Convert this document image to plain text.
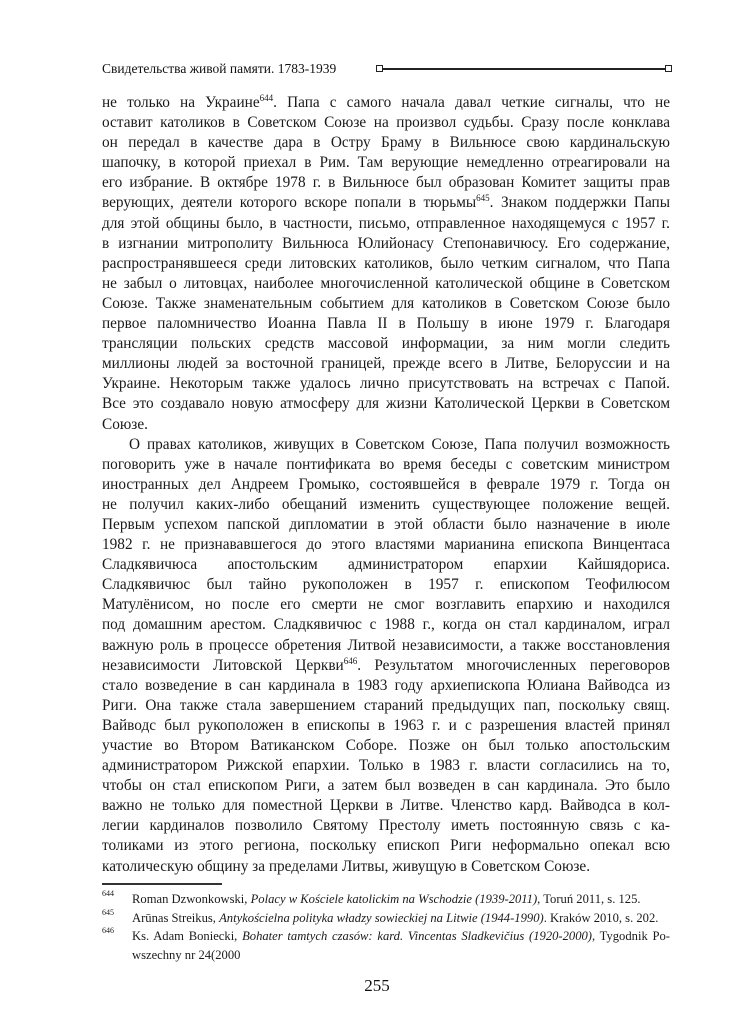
Свидетельства живой памяти. 1783-1939
не только на Украине$^{644}$. Папа с самого начала давал четкие сигналы, что не
оставит католиков в Советском Союзе на произвол судьбы. Сразу после конклава
он передал в качестве дара в Остру Браму в Вильнюсе свою кардинальскую
шапочку, в которой приехал в Рим. Там верующие немедленно отреагировали на
его избрание. В октябре 1978 г. в Вильнюсе был образован Комитет защиты прав
верующих, деятели которого вскоре попали в тюрьмы$^{645}$. Знаком поддержки Папы
для этой общины было, в частности, письмо, отправленное находящемуся с 1957 г.
в изгнании митрополиту Вильнюса Юлийонасу Степонавичюсу. Его содержание,
распространявшееся среди литовских католиков, было четким сигналом, что Папа
не забыл о литовцах, наиболее многочисленной католической общине в Советском
Союзе. Также знаменательным событием для католиков в Советском Союзе было
первое паломничество Иоанна Павла II в Польшу в июне 1979 г. Благодаря
трансляции польских средств массовой информации, за ним могли следить
миллионы людей за восточной границей, прежде всего в Литве, Белоруссии и на
Украине. Некоторым также удалось лично присутствовать на встречах с Папой.
Все это создавало новую атмосферу для жизни Католической Церкви в Советском
Союзе.
О правах католиков, живущих в Советском Союзе, Папа получил возможность
поговорить уже в начале понтификата во время беседы с советским министром
иностранных дел Андреем Громыко, состоявшейся в феврале 1979 г. Тогда он
не получил каких-либо обещаний изменить существующее положение вещей.
Первым успехом папской дипломатии в этой области было назначение в июле
1982 г. не признававшегося до этого властями марианина епископа Винцентаса
Сладкявичюса апостольским администратором епархии Кайшядориса.
Сладкявичюс был тайно рукоположен в 1957 г. епископом Теофилюсом
Матулёнисом, но после его смерти не смог возглавить епархию и находился
под домашним арестом. Сладкявичюс с 1988 г., когда он стал кардиналом, играл
важную роль в процессе обретения Литвой независимости, а также восстановления
независимости Литовской Церкви$^{646}$. Результатом многочисленных переговоров
стало возведение в сан кардинала в 1983 году архиепископа Юлиана Вайводса из
Риги. Она также стала завершением стараний предыдущих пап, поскольку свящ.
Вайводс был рукоположен в епископы в 1963 г. и с разрешения властей принял
участие во Втором Ватиканском Соборе. Позже он был только апостольским
администратором Рижской епархии. Только в 1983 г. власти согласились на то,
чтобы он стал епископом Риги, а затем был возведен в сан кардинала. Это было
важно не только для поместной Церкви в Литве. Членство кард. Вайводса в кол-
легии кардиналов позволило Святому Престолу иметь постоянную связь с ка-
толиками из этого региона, поскольку епископ Риги неформально опекал всю
католическую общину за пределами Литвы, живущую в Советском Союзе.
644 Roman Dzwonkowski, Polacy w Kościele katolickim na Wschodzie (1939-2011), Toruń 2011, s. 125.
645 Arūnas Streikus, Antykościelna polityka władzy sowieckiej na Litwie (1944-1990). Kraków 2010, s. 202.
646 Ks. Adam Boniecki, Bohater tamtych czasów: kard. Vincentas Sladkevičius (1920-2000), Tygodnik Po-
wszechny nr 24(2000
255
